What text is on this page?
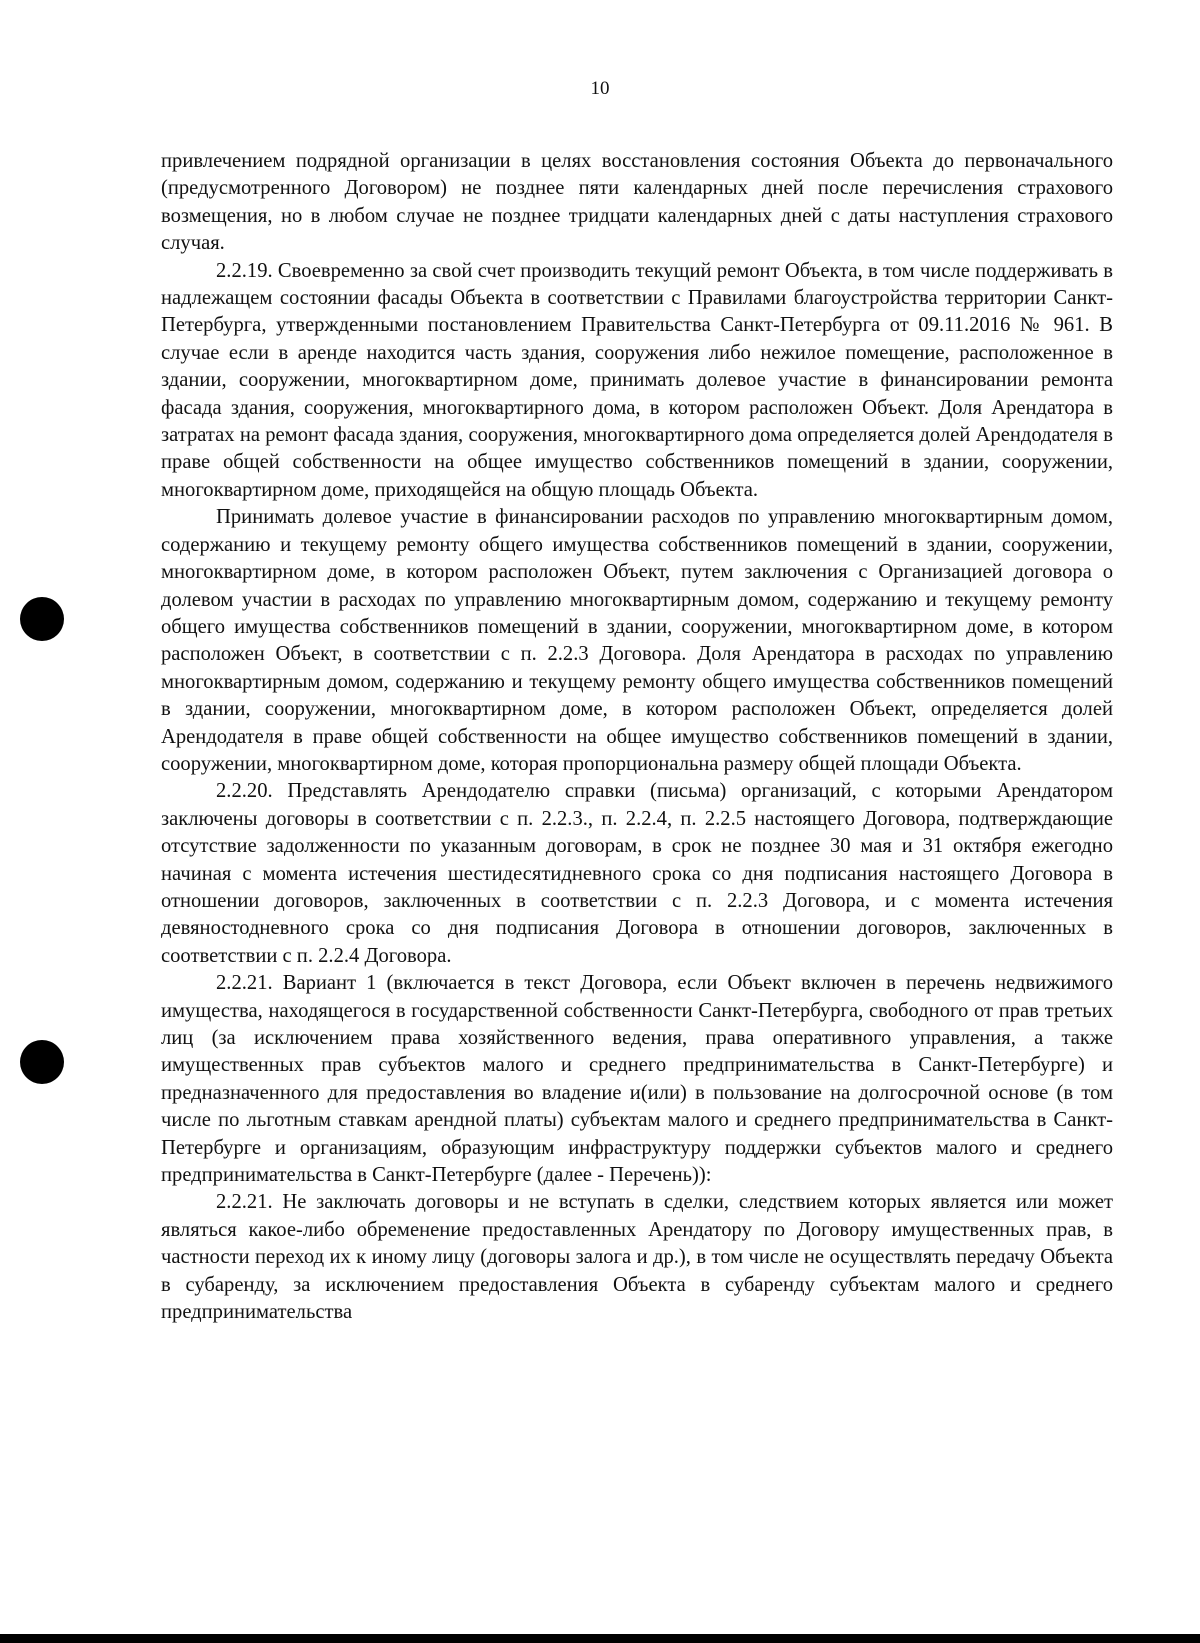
10

привлечением подрядной организации в целях восстановления состояния Объекта до первоначального (предусмотренного Договором) не позднее пяти календарных дней после перечисления страхового возмещения, но в любом случае не позднее тридцати календарных дней с даты наступления страхового случая.

2.2.19. Своевременно за свой счет производить текущий ремонт Объекта, в том числе поддерживать в надлежащем состоянии фасады Объекта в соответствии с Правилами благоустройства территории Санкт-Петербурга, утвержденными постановлением Правительства Санкт-Петербурга от 09.11.2016 № 961. В случае если в аренде находится часть здания, сооружения либо нежилое помещение, расположенное в здании, сооружении, многоквартирном доме, принимать долевое участие в финансировании ремонта фасада здания, сооружения, многоквартирного дома, в котором расположен Объект. Доля Арендатора в затратах на ремонт фасада здания, сооружения, многоквартирного дома определяется долей Арендодателя в праве общей собственности на общее имущество собственников помещений в здании, сооружении, многоквартирном доме, приходящейся на общую площадь Объекта.

Принимать долевое участие в финансировании расходов по управлению многоквартирным домом, содержанию и текущему ремонту общего имущества собственников помещений в здании, сооружении, многоквартирном доме, в котором расположен Объект, путем заключения с Организацией договора о долевом участии в расходах по управлению многоквартирным домом, содержанию и текущему ремонту общего имущества собственников помещений в здании, сооружении, многоквартирном доме, в котором расположен Объект, в соответствии с п. 2.2.3 Договора. Доля Арендатора в расходах по управлению многоквартирным домом, содержанию и текущему ремонту общего имущества собственников помещений в здании, сооружении, многоквартирном доме, в котором расположен Объект, определяется долей Арендодателя в праве общей собственности на общее имущество собственников помещений в здании, сооружении, многоквартирном доме, которая пропорциональна размеру общей площади Объекта.

2.2.20. Представлять Арендодателю справки (письма) организаций, с которыми Арендатором заключены договоры в соответствии с п. 2.2.3., п. 2.2.4, п. 2.2.5 настоящего Договора, подтверждающие отсутствие задолженности по указанным договорам, в срок не позднее 30 мая и 31 октября ежегодно начиная с момента истечения шестидесятидневного срока со дня подписания настоящего Договора в отношении договоров, заключенных в соответствии с п. 2.2.3 Договора, и с момента истечения девяностодневного срока со дня подписания Договора в отношении договоров, заключенных в соответствии с п. 2.2.4 Договора.

2.2.21. Вариант 1 (включается в текст Договора, если Объект включен в перечень недвижимого имущества, находящегося в государственной собственности Санкт-Петербурга, свободного от прав третьих лиц (за исключением права хозяйственного ведения, права оперативного управления, а также имущественных прав субъектов малого и среднего предпринимательства в Санкт-Петербурге) и предназначенного для предоставления во владение и(или) в пользование на долгосрочной основе (в том числе по льготным ставкам арендной платы) субъектам малого и среднего предпринимательства в Санкт-Петербурге и организациям, образующим инфраструктуру поддержки субъектов малого и среднего предпринимательства в Санкт-Петербурге (далее - Перечень)):

2.2.21. Не заключать договоры и не вступать в сделки, следствием которых является или может являться какое-либо обременение предоставленных Арендатору по Договору имущественных прав, в частности переход их к иному лицу (договоры залога и др.), в том числе не осуществлять передачу Объекта в субаренду, за исключением предоставления Объекта в субаренду субъектам малого и среднего предпринимательства
